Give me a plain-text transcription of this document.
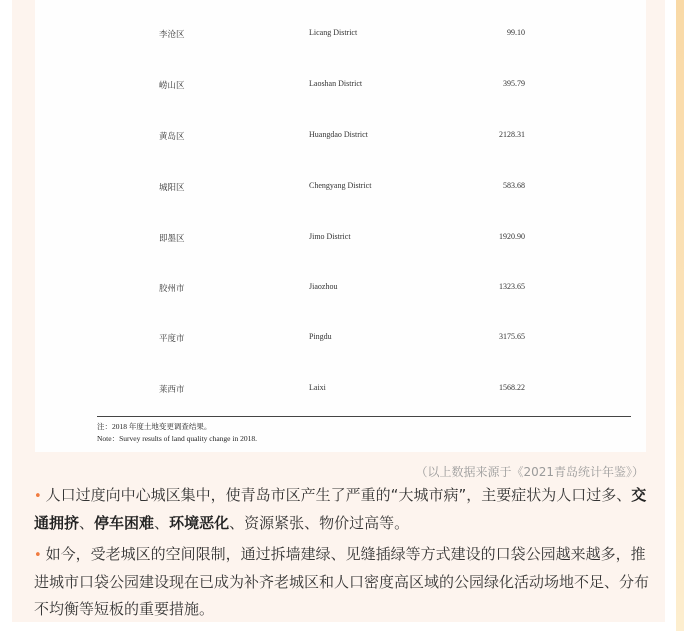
李沧区	Licang District	99.10
崂山区	Laoshan District	395.79
黄岛区	Huangdao District	2128.31
城阳区	Chengyang District	583.68
即墨区	Jimo District	1920.90
胶州市	Jiaozhou	1323.65
平度市	Pingdu	3175.65
莱西市	Laixi	1568.22
注：2018 年度土地变更调查结果。
Note：Survey results of land quality change in 2018.
（以上数据来源于《2021青岛统计年鉴》）
• 人口过度向中心城区集中，使青岛市区产生了严重的“大城市病”，主要症状为人口过多、交通拥挤、停车困难、环境恶化、资源紧张、物价过高等。
• 如今，受老城区的空间限制，通过拆墙建绿、见缝插绿等方式建设的口袋公园越来越多，推进城市口袋公园建设现在已成为补齐老城区和人口密度高区域的公园绿化活动场地不足、分布不均衡等短板的重要措施。
